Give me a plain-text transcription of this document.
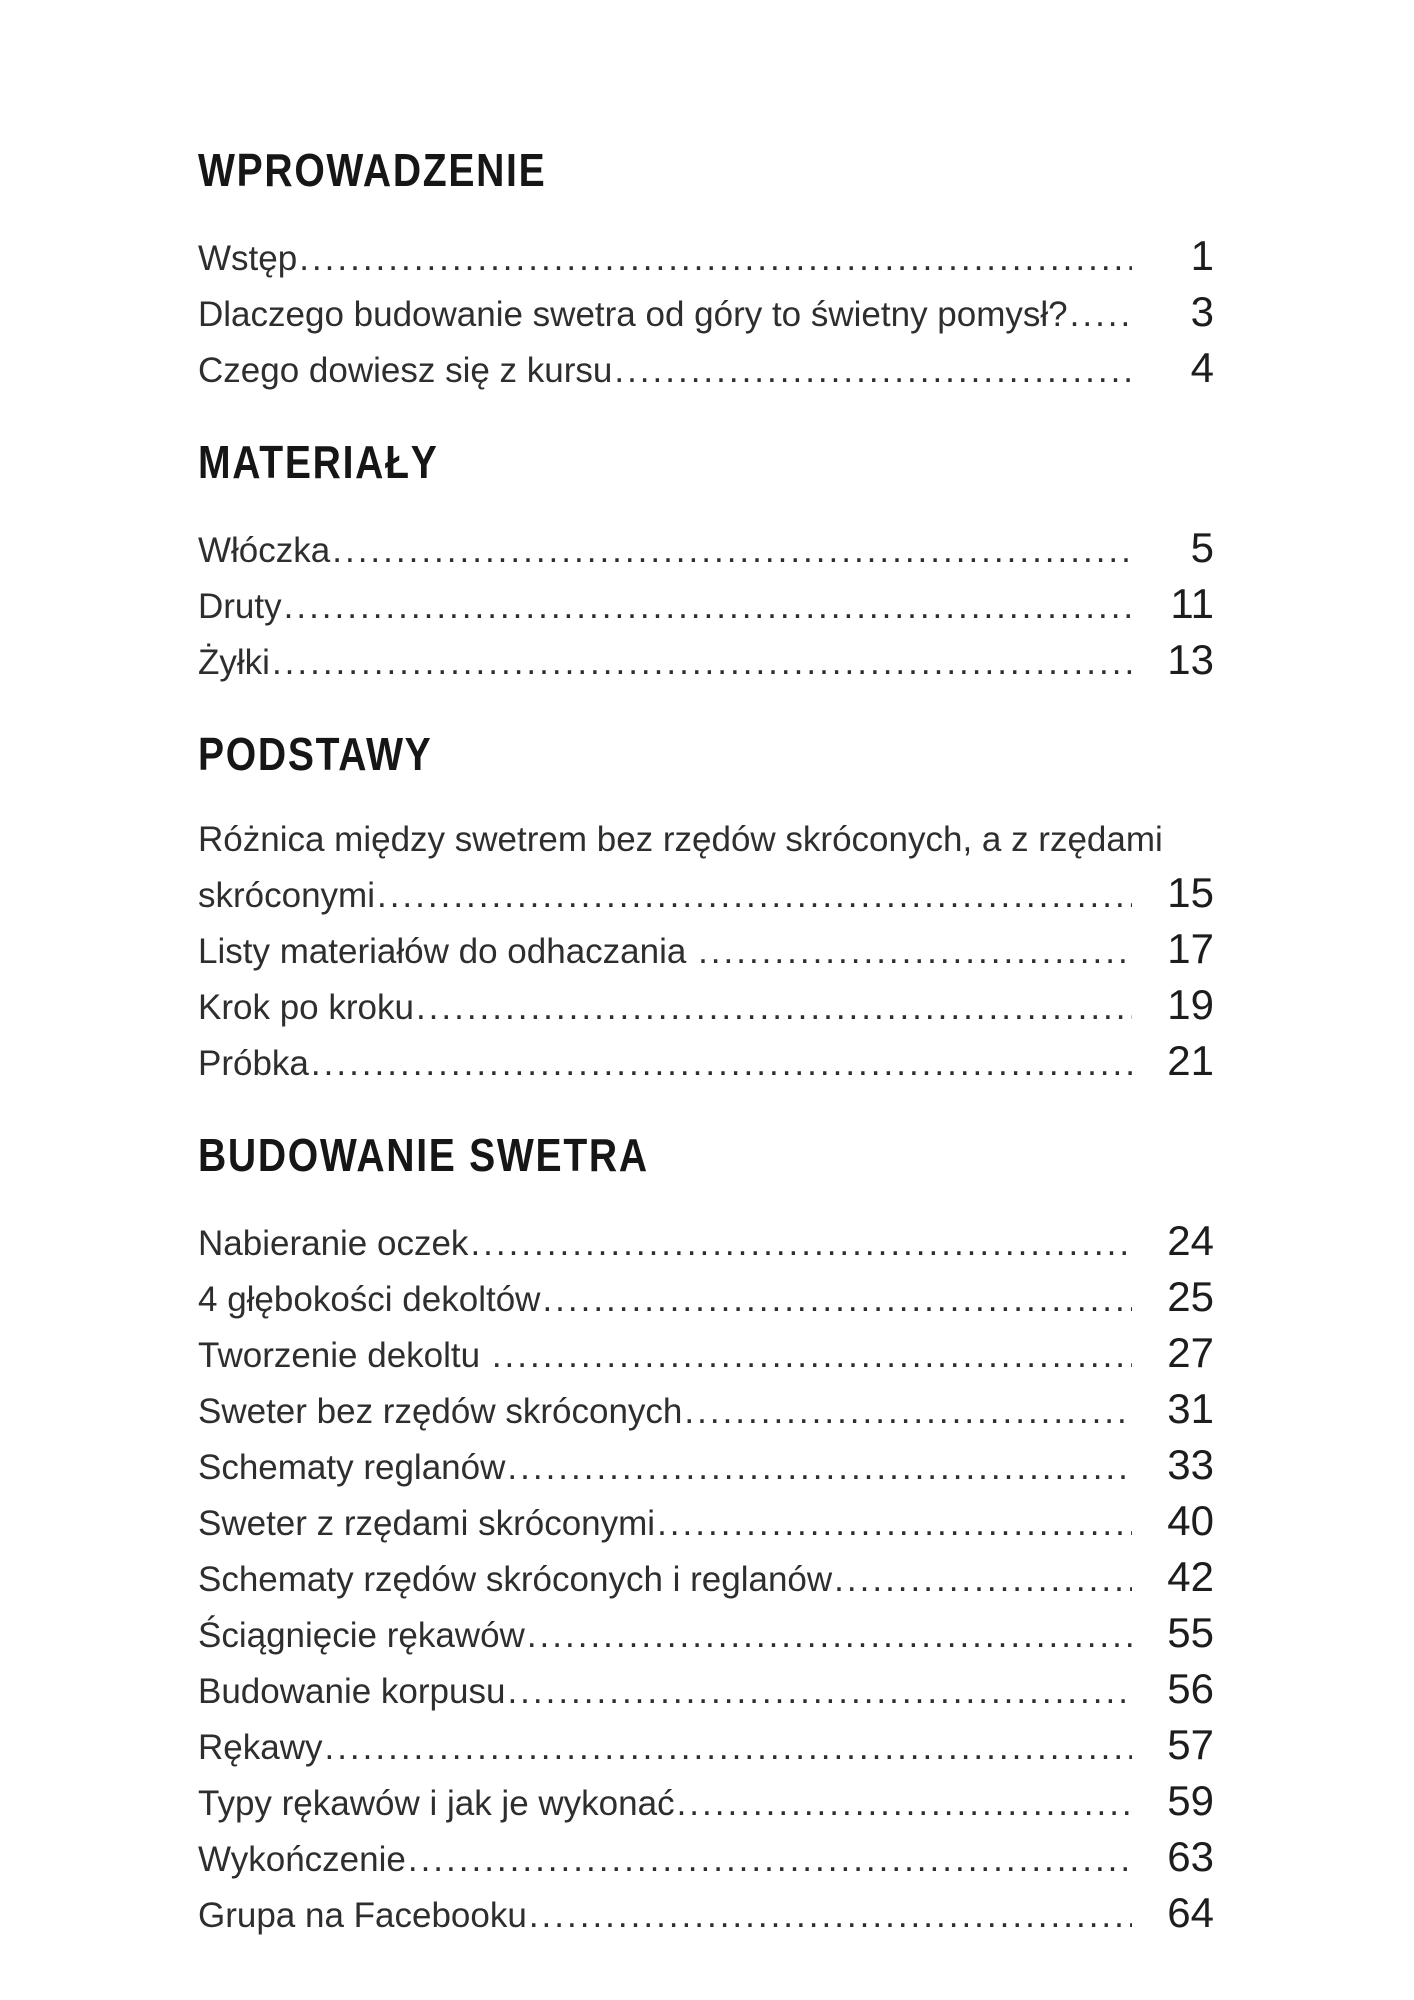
WPROWADZENIE
Wstęp .....	1
Dlaczego budowanie swetra od góry to świetny pomysł? .....	3
Czego dowiesz się z kursu .....	4
MATERIAŁY
Włóczka .....	5
Druty .....	11
Żyłki .....	13
PODSTAWY
Różnica między swetrem bez rzędów skróconych, a z rzędami
skróconymi .....	15
Listy materiałów do odhaczania .....	17
Krok po kroku .....	19
Próbka .....	21
BUDOWANIE SWETRA
Nabieranie oczek .....	24
4 głębokości dekoltów .....	25
Tworzenie dekoltu .....	27
Sweter bez rzędów skróconych .....	31
Schematy reglanów .....	33
Sweter z rzędami skróconymi .....	40
Schematy rzędów skróconych i reglanów .....	42
Ściągnięcie rękawów .....	55
Budowanie korpusu .....	56
Rękawy .....	57
Typy rękawów i jak je wykonać .....	59
Wykończenie .....	63
Grupa na Facebooku .....	64
